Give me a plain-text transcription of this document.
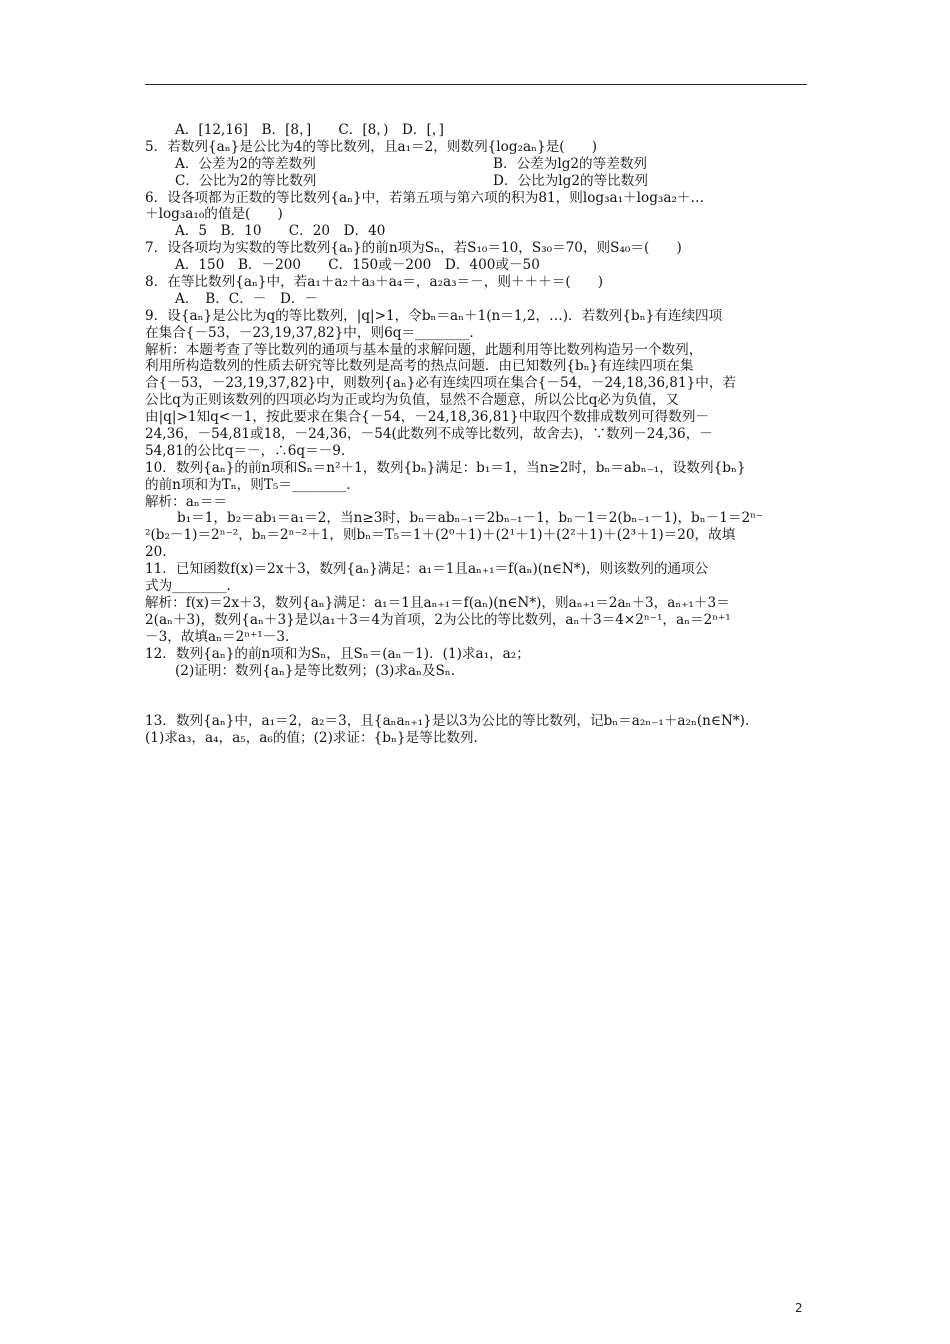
A．[12,16]　B．[8，]　　C．[8，)　D．[，]
5．若数列{aₙ}是公比为4的等比数列，且a₁＝2，则数列{log₂aₙ}是(　　)
A．公差为2的等差数列	B．公差为lg2的等差数列
C．公比为2的等比数列	D．公比为lg2的等比数列
6．设各项都为正数的等比数列{aₙ}中，若第五项与第六项的积为81，则log₃a₁＋log₃a₂＋…
＋log₃a₁₀的值是(　　)
A．5　B．10　　C．20　D．40
7．设各项均为实数的等比数列{aₙ}的前n项为Sₙ，若S₁₀＝10，S₃₀＝70，则S₄₀＝(　　)
A．150　B．－200　　C．150或－200　D．400或－50
8．在等比数列{aₙ}中，若a₁＋a₂＋a₃＋a₄＝，a₂a₃＝－，则＋＋＋＝(　　)
A．　B．C．－　D．－
9．设{aₙ}是公比为q的等比数列，|q|>1，令bₙ＝aₙ＋1(n＝1,2，…)．若数列{bₙ}有连续四项
在集合{－53，－23,19,37,82}中，则6q＝________．
解析：本题考查了等比数列的通项与基本量的求解问题，此题利用等比数列构造另一个数列，
利用所构造数列的性质去研究等比数列是高考的热点问题．由已知数列{bₙ}有连续四项在集
合{－53，－23,19,37,82}中，则数列{aₙ}必有连续四项在集合{－54，－24,18,36,81}中，若
公比q为正则该数列的四项必均为正或均为负值，显然不合题意，所以公比q必为负值，又
由|q|>1知q<－1，按此要求在集合{－54，－24,18,36,81}中取四个数排成数列可得数列－
24,36，－54,81或18，－24,36，－54(此数列不成等比数列，故舍去)，∵数列－24,36，－
54,81的公比q＝－，∴6q＝－9.
10．数列{aₙ}的前n项和Sₙ＝n²＋1，数列{bₙ}满足：b₁＝1，当n≥2时，bₙ＝abₙ₋₁，设数列{bₙ}
的前n项和为Tₙ，则T₅＝________．
解析：aₙ＝＝
b₁＝1，b₂＝ab₁＝a₁＝2，当n≥3时，bₙ＝abₙ₋₁＝2bₙ₋₁－1，bₙ－1＝2(bₙ₋₁－1)，bₙ－1＝2ⁿ⁻
²(b₂－1)＝2ⁿ⁻²，bₙ＝2ⁿ⁻²＋1，则bₙ＝T₅＝1＋(2⁰＋1)＋(2¹＋1)＋(2²＋1)＋(2³＋1)＝20，故填
20.
11．已知函数f(x)＝2x＋3，数列{aₙ}满足：a₁＝1且aₙ₊₁＝f(aₙ)(n∈N*)，则该数列的通项公
式为________．
解析：f(x)＝2x＋3，数列{aₙ}满足：a₁＝1且aₙ₊₁＝f(aₙ)(n∈N*)，则aₙ₊₁＝2aₙ＋3，aₙ₊₁＋3＝
2(aₙ＋3)，数列{aₙ＋3}是以a₁＋3＝4为首项，2为公比的等比数列，aₙ＋3＝4×2ⁿ⁻¹，aₙ＝2ⁿ⁺¹
－3，故填aₙ＝2ⁿ⁺¹－3.
12．数列{aₙ}的前n项和为Sₙ，且Sₙ＝(aₙ－1)．(1)求a₁，a₂；
(2)证明：数列{aₙ}是等比数列；(3)求aₙ及Sₙ.
13．数列{aₙ}中，a₁＝2，a₂＝3，且{aₙaₙ₊₁}是以3为公比的等比数列，记bₙ＝a₂ₙ₋₁＋a₂ₙ(n∈N*)．
(1)求a₃，a₄，a₅，a₆的值；(2)求证：{bₙ}是等比数列．
2
